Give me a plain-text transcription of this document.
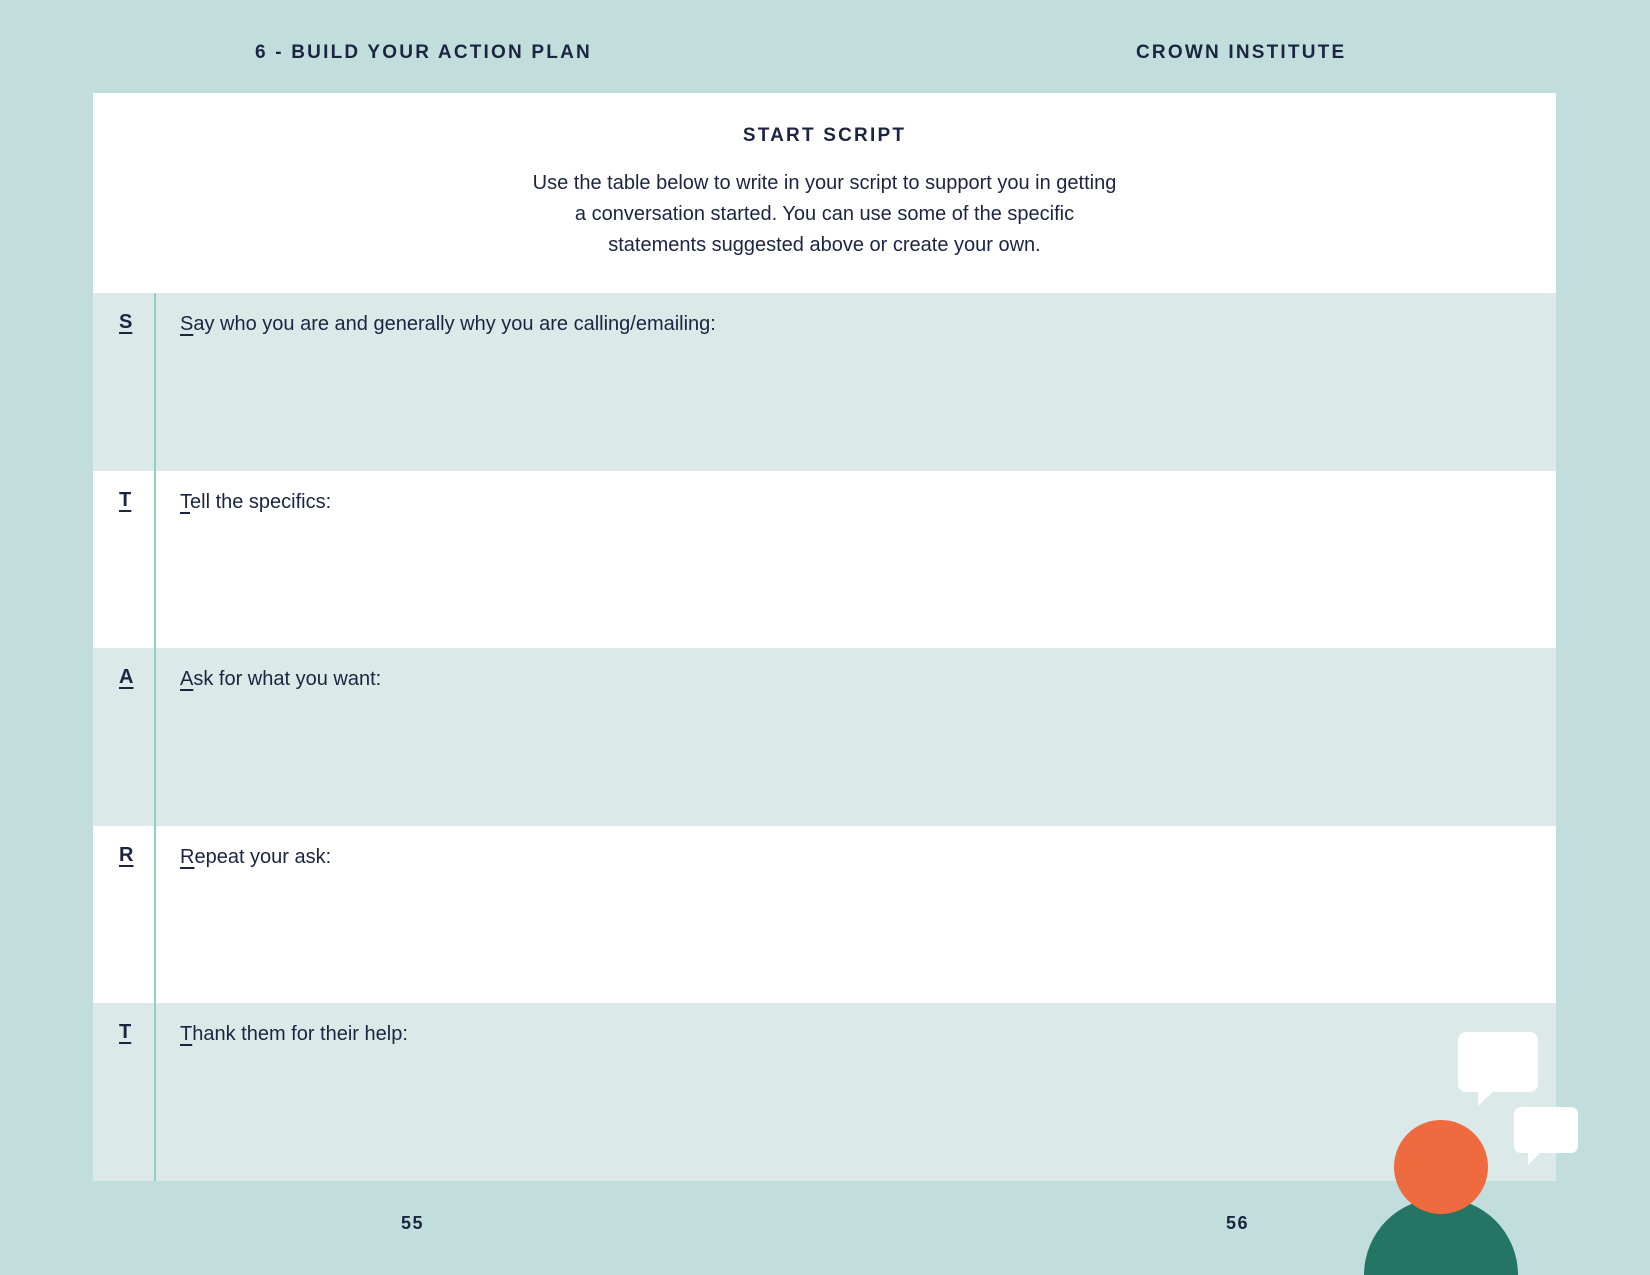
6 - BUILD YOUR ACTION PLAN	CROWN INSTITUTE
START SCRIPT
Use the table below to write in your script to support you in getting a conversation started. You can use some of the specific statements suggested above or create your own.
S Say who you are and generally why you are calling/emailing:
T Tell the specifics:
A Ask for what you want:
R Repeat your ask:
T Thank them for their help:
55	56
